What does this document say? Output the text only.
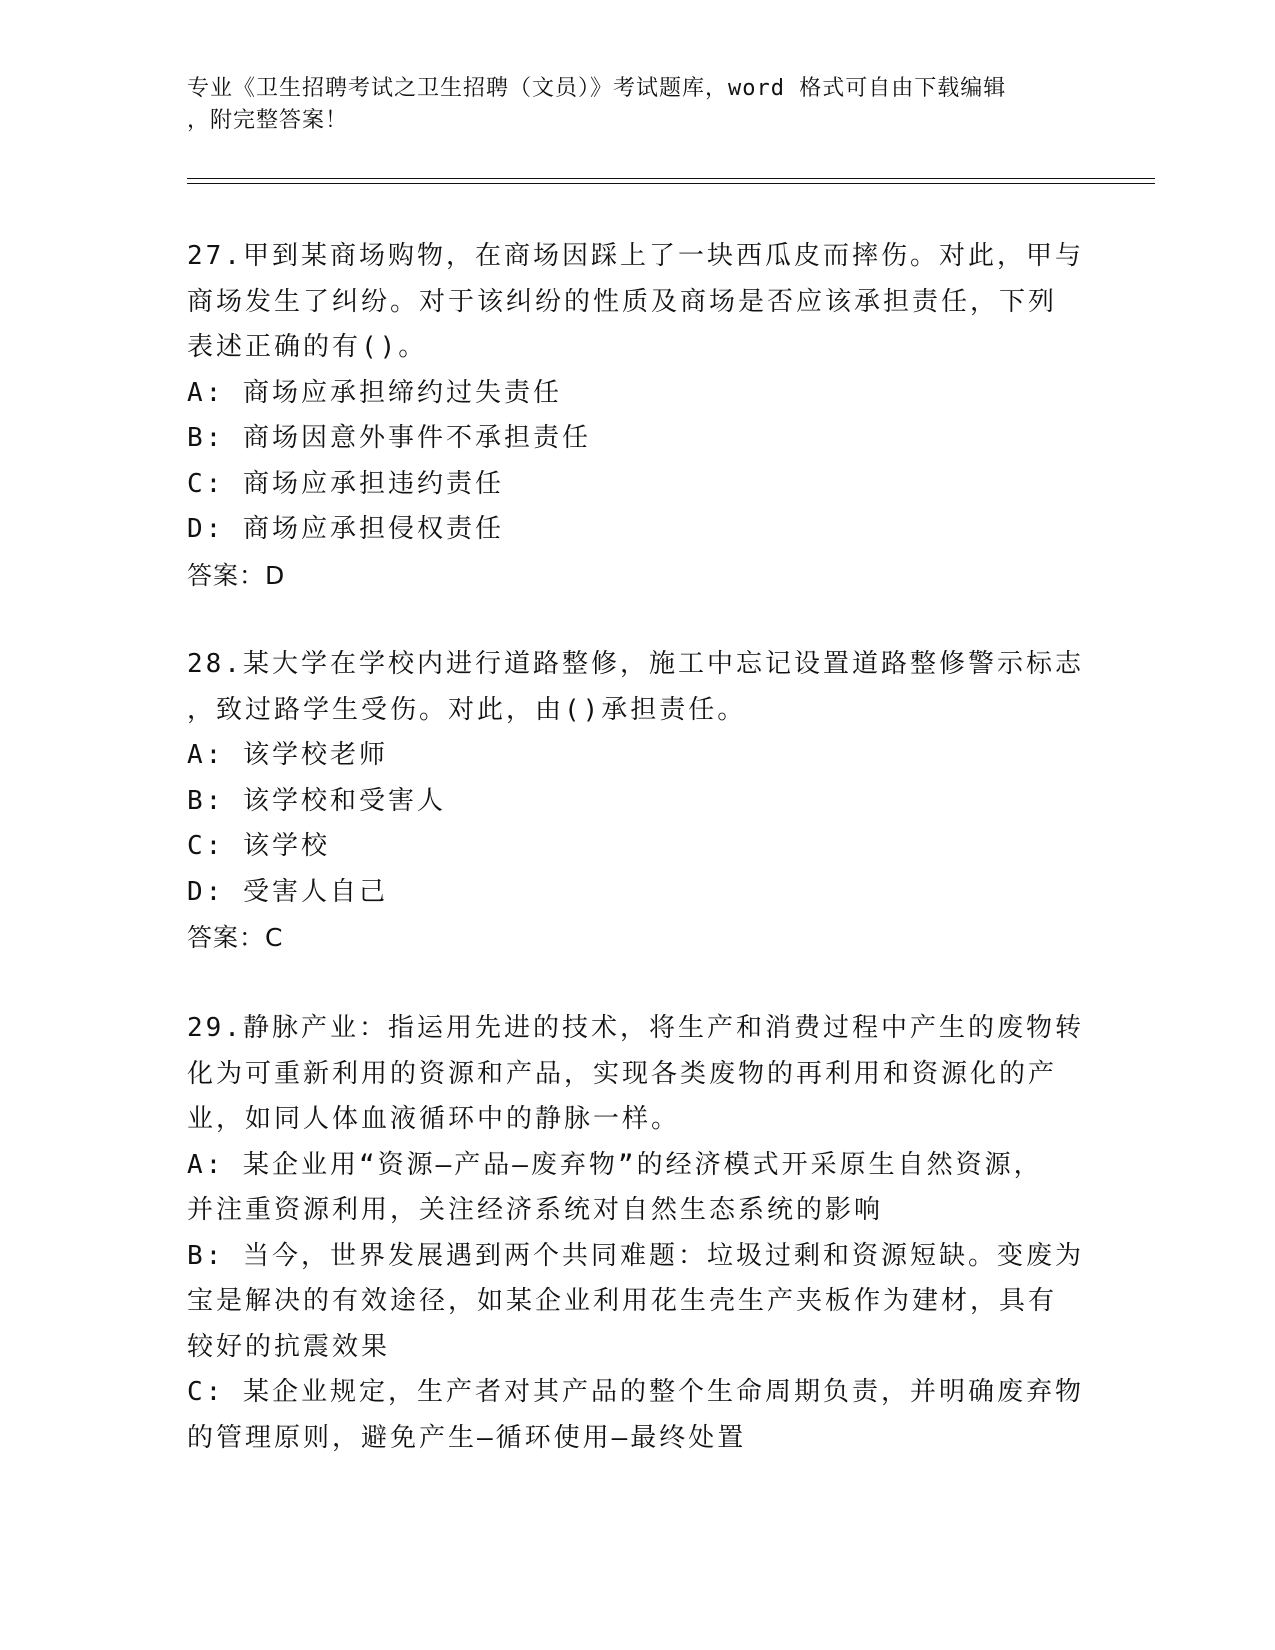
专业《卫生招聘考试之卫生招聘（文员）》考试题库，word 格式可自由下载编辑
，附完整答案！
27.甲到某商场购物，在商场因踩上了一块西瓜皮而摔伤。对此，甲与
商场发生了纠纷。对于该纠纷的性质及商场是否应该承担责任，下列
表述正确的有()。
A: 商场应承担缔约过失责任
B: 商场因意外事件不承担责任
C: 商场应承担违约责任
D: 商场应承担侵权责任
答案：D
28.某大学在学校内进行道路整修，施工中忘记设置道路整修警示标志
，致过路学生受伤。对此，由()承担责任。
A: 该学校老师
B: 该学校和受害人
C: 该学校
D: 受害人自己
答案：C
29.静脉产业：指运用先进的技术，将生产和消费过程中产生的废物转
化为可重新利用的资源和产品，实现各类废物的再利用和资源化的产
业，如同人体血液循环中的静脉一样。
A: 某企业用“资源—产品—废弃物”的经济模式开采原生自然资源，
并注重资源利用，关注经济系统对自然生态系统的影响
B: 当今，世界发展遇到两个共同难题：垃圾过剩和资源短缺。变废为
宝是解决的有效途径，如某企业利用花生壳生产夹板作为建材，具有
较好的抗震效果
C: 某企业规定，生产者对其产品的整个生命周期负责，并明确废弃物
的管理原则，避免产生—循环使用—最终处置
